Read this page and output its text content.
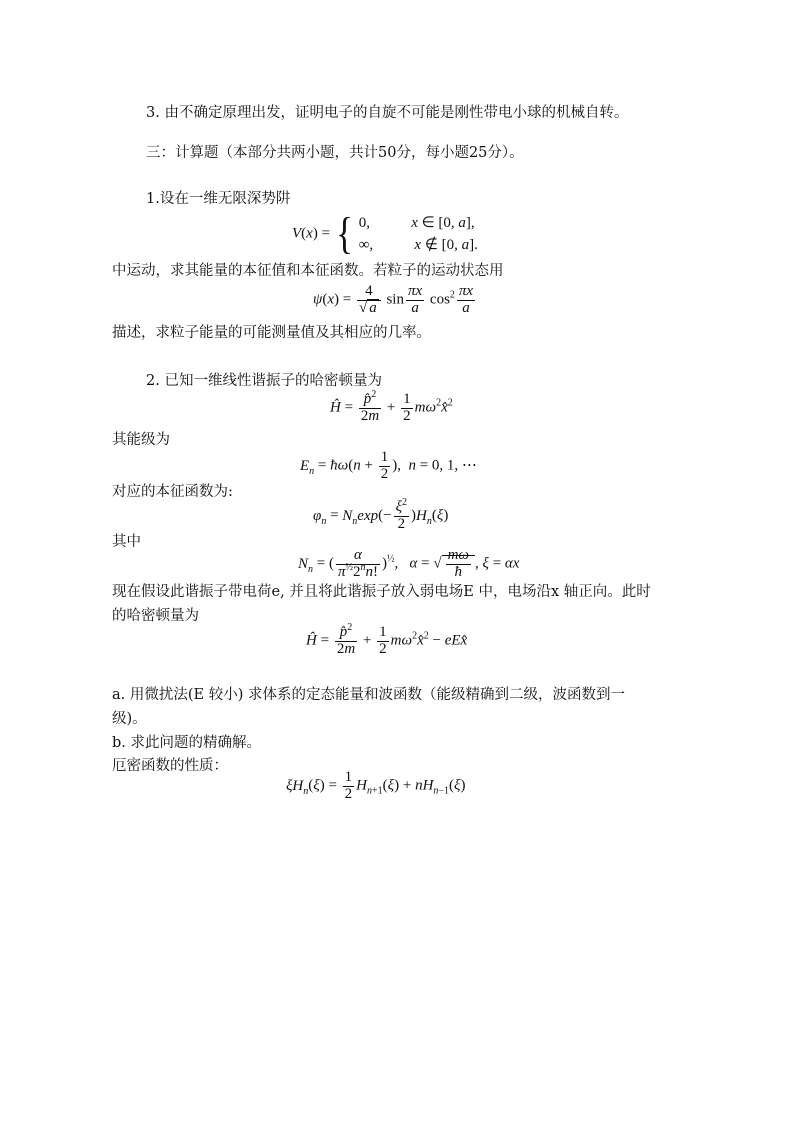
3. 由不确定原理出发，证明电子的自旋不可能是刚性带电小球的机械自转。
三：计算题（本部分共两小题，共计50分，每小题25分）。
1.设在一维无限深势阱
V(x) = { 0,           x ∈ [0, a],
∞,           x ∉ [0, a].
中运动，求其能量的本征值和本征函数。若粒子的运动状态用
$\psi(x) = \frac{4}{√ a}$ $\sin \frac{\pi x}{a} \cos^2 \frac{\pi x}{a}$
描述，求粒子能量的可能测量值及其相应的几率。
2. 已知一维线性谐振子的哈密顿量为
Ĥ = $\frac{p̂^2}{2m} + \frac{1}{2}$ $m\omega^2x̂^2$
其能级为
$E_n$ = ħω(n + $\frac{1}{2}$ ),  n = 0, 1, ⋯
对应的本征函数为:
$\varphi_n = N_n\exp(- \frac{\xi^2}{2} )H_n(\xi)$
其中
$N_n$ = ( $\frac{\alpha}{\pi^{\frac{1}{2}}2^nn!} )^{\frac{1}{2}}$,   α = √ $\frac{m\omega}{ħ}$ , ξ = αx
现在假设此谐振子带电荷e, 并且将此谐振子放入弱电场E 中，电场沿x 轴正向。此时
的哈密顿量为
Ĥ = $\frac{p̂^2}{2m} + \frac{1}{2}$ $m\omega^2x̂^2$ − eEx̂
a. 用微扰法(E 较小) 求体系的定态能量和波函数（能级精确到二级，波函数到一
级)。
b. 求此问题的精确解。
厄密函数的性质：
$\xi H_n(\xi) = \frac{1}{2} H_{n+1}(\xi) + nH_{n-1}(\xi)$
